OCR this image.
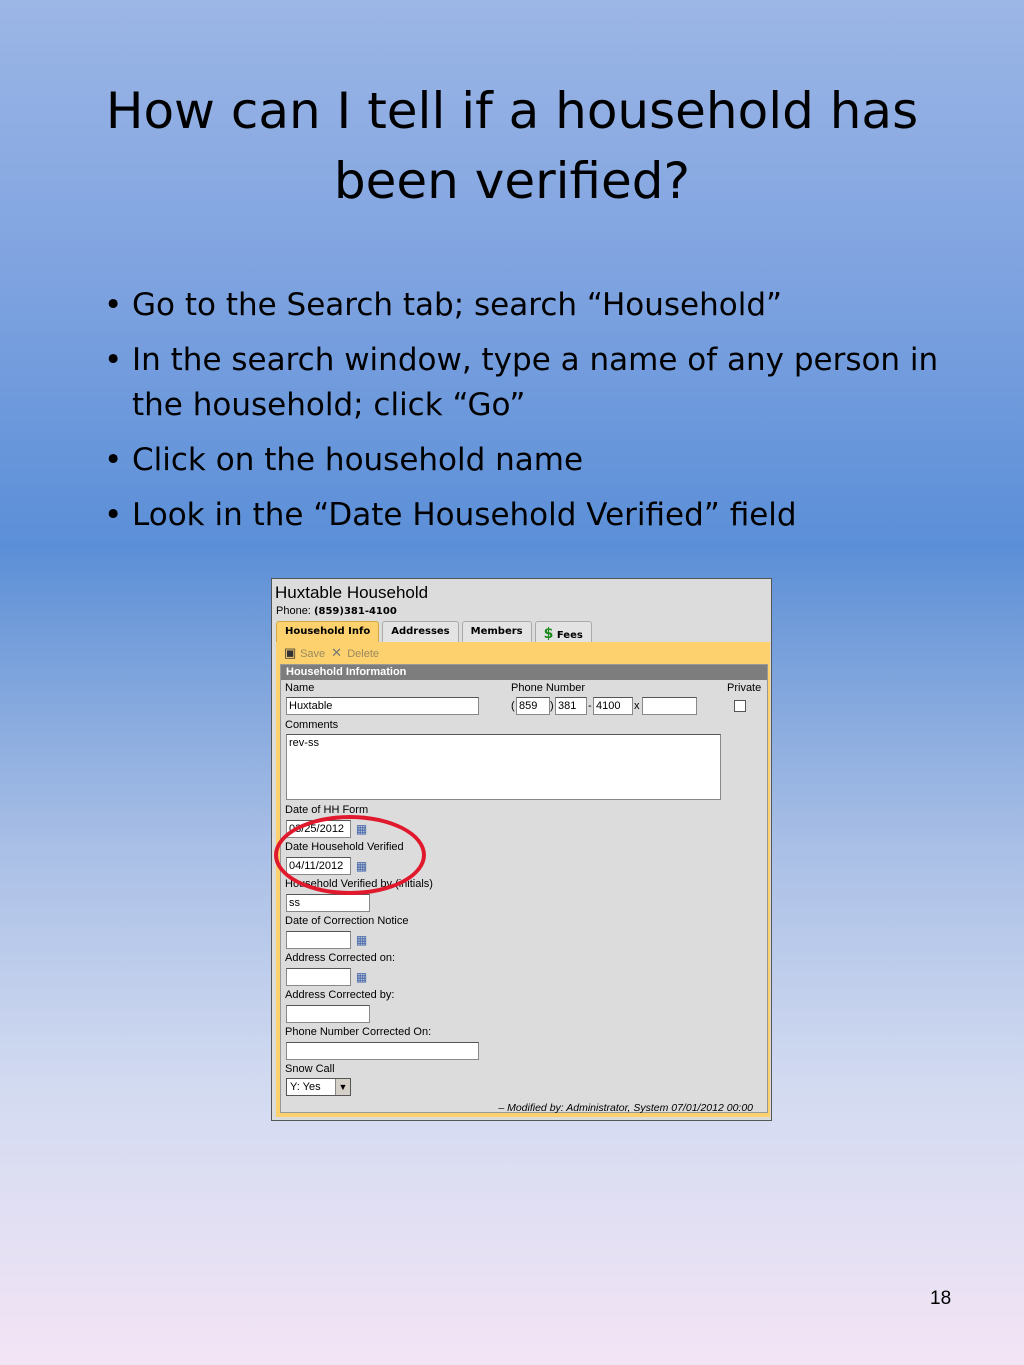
How can I tell if a household has been verified?
• Go to the Search tab; search “Household”
• In the search window, type a name of any person in the household; click “Go”
• Click on the household name
• Look in the “Date Household Verified” field
Huxtable Household
Phone: (859)381-4100
Household Info	Addresses	Members	$ Fees
▣ Save ✕ Delete
Household Information
Name
Huxtable
Phone Number
( 859	) 381	- 4100	x
Private
Comments
rev-ss
Date of HH Form
03/25/2012 ▦
Date Household Verified
04/11/2012	▦
Household Verified by (initials)
ss
Date of Correction Notice
▦
Address Corrected on:
▦
Address Corrected by:
Phone Number Corrected On:
Snow Call
Y: Yes	▼
– Modified by: Administrator, System 07/01/2012 00:00
18
